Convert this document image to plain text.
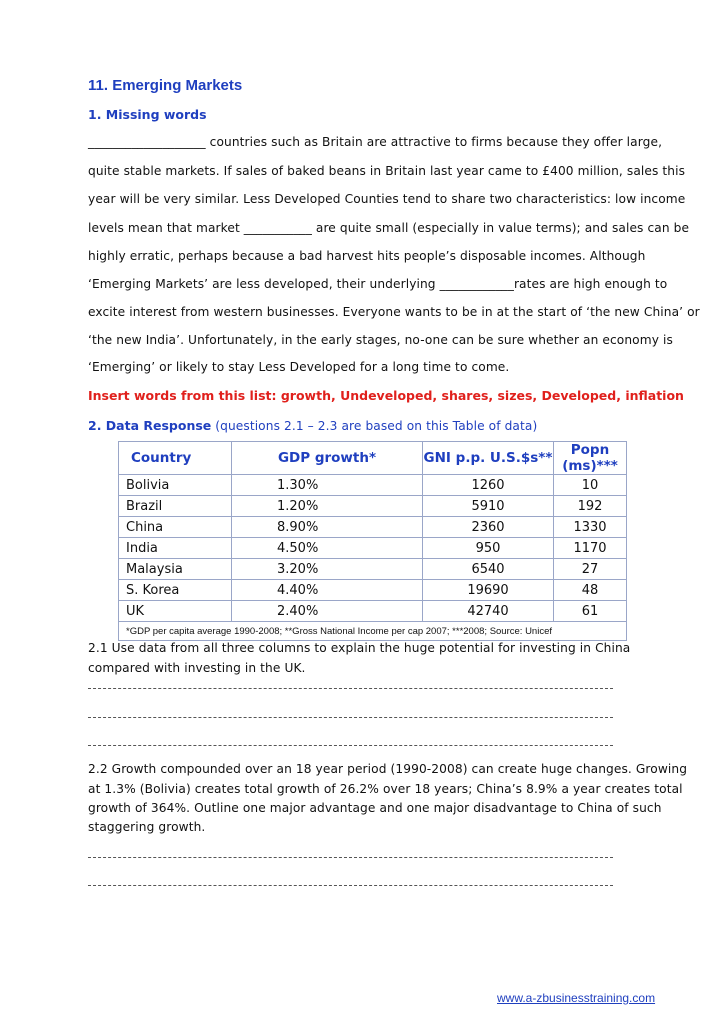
11. Emerging Markets
1. Missing words
___________________ countries such as Britain are attractive to firms because they offer large,
quite stable markets. If sales of baked beans in Britain last year came to £400 million, sales this
year will be very similar. Less Developed Counties tend to share two characteristics: low income
levels mean that market ___________ are quite small (especially in value terms); and sales can be
highly erratic, perhaps because a bad harvest hits people’s disposable incomes. Although
‘Emerging Markets’ are less developed, their underlying ____________rates are high enough to
excite interest from western businesses. Everyone wants to be in at the start of ‘the new China’ or
‘the new India’. Unfortunately, in the early stages, no-one can be sure whether an economy is
‘Emerging’ or likely to stay Less Developed for a long time to come.
Insert words from this list: growth, Undeveloped, shares, sizes, Developed, inflation
2. Data Response (questions 2.1 – 2.3 are based on this Table of data)
Country	GDP growth*	GNI p.p. U.S.$s**	Popn (ms)***
Bolivia	1.30%	1260	10
Brazil	1.20%	5910	192
China	8.90%	2360	1330
India	4.50%	950	1170
Malaysia	3.20%	6540	27
S. Korea	4.40%	19690	48
UK	2.40%	42740	61
*GDP per capita average 1990-2008; **Gross National Income per cap 2007; ***2008; Source: Unicef			
2.1 Use data from all three columns to explain the huge potential for investing in China
compared with investing in the UK.
2.2 Growth compounded over an 18 year period (1990-2008) can create huge changes. Growing
at 1.3% (Bolivia) creates total growth of 26.2% over 18 years; China’s 8.9% a year creates total
growth of 364%. Outline one major advantage and one major disadvantage to China of such
staggering growth.
www.a-zbusinesstraining.com
